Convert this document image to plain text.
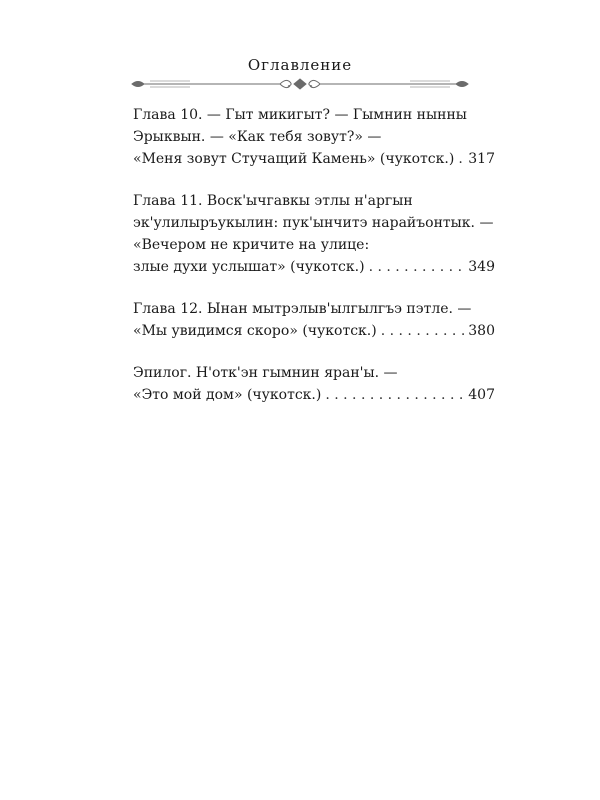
Оглавление
Глава 10. — Гыт микигыт? — Гымнин нынны
Эрыквын. — «Как тебя зовут?» —
«Меня зовут Стучащий Камень» (чукотск.) . . . 317
Глава 11. Воск'ычгавкы этлы н'аргын
эк'улилыръукылин: пук'ынчитэ нарайъонтык. —
«Вечером не кричите на улице:
злые духи услышат» (чукотск.) . . .	349
Глава 12. Ынан мытрэлыв'ылгылгъэ пэтле. —
«Мы увидимся скоро» (чукотск.) . . .	380
Эпилог. Н'отк'эн гымнин яран'ы. —
«Это мой дом» (чукотск.) . . .	407
